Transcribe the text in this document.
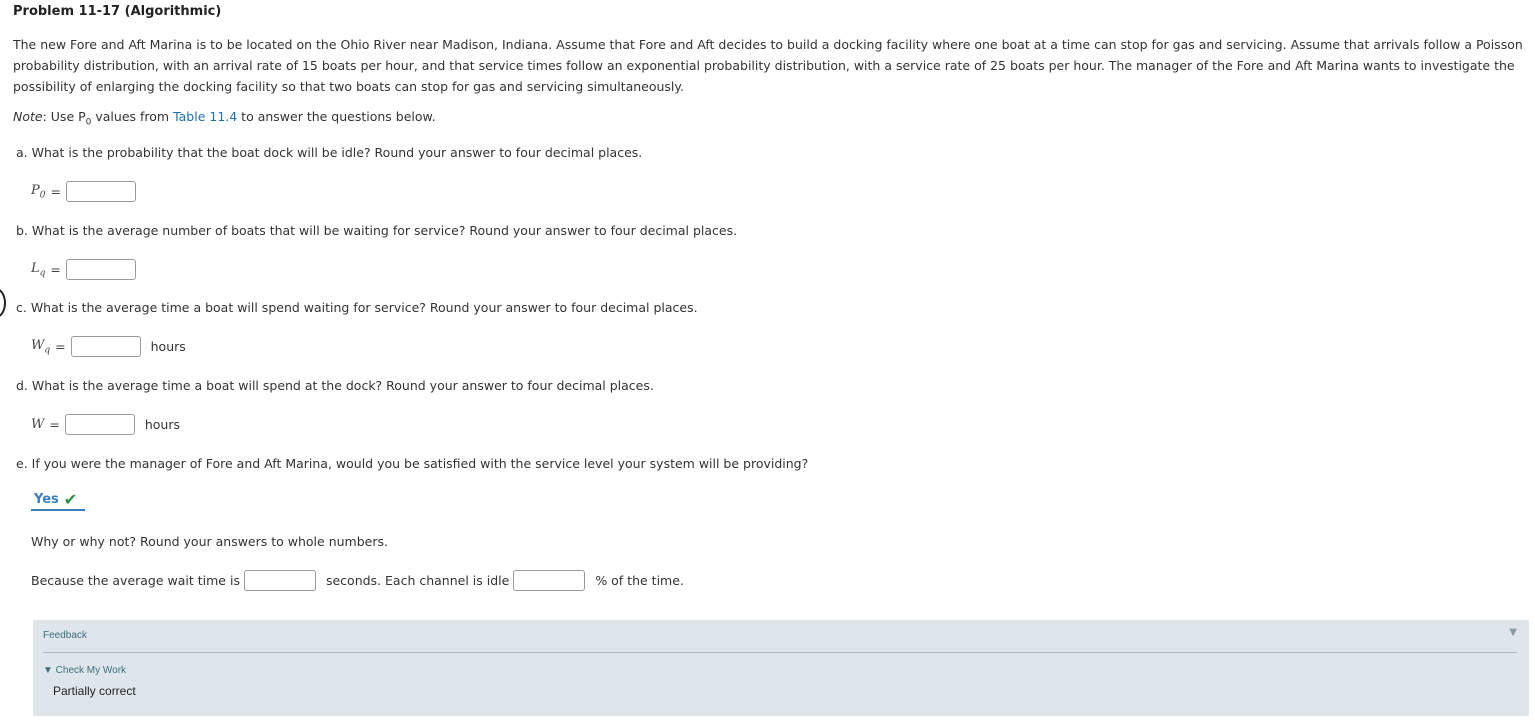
Problem 11-17 (Algorithmic)
The new Fore and Aft Marina is to be located on the Ohio River near Madison, Indiana. Assume that Fore and Aft decides to build a docking facility where one boat at a time can stop for gas and servicing. Assume that arrivals follow a Poisson probability distribution, with an arrival rate of 15 boats per hour, and that service times follow an exponential probability distribution, with a service rate of 25 boats per hour. The manager of the Fore and Aft Marina wants to investigate the possibility of enlarging the docking facility so that two boats can stop for gas and servicing simultaneously.
Note: Use $P_0$ values from Table 11.4 to answer the questions below.
a. What is the probability that the boat dock will be idle? Round your answer to four decimal places.
$P_0$ =
b. What is the average number of boats that will be waiting for service? Round your answer to four decimal places.
$L_q$ =
c. What is the average time a boat will spend waiting for service? Round your answer to four decimal places.
$W_q$ =	hours
d. What is the average time a boat will spend at the dock? Round your answer to four decimal places.
W =	hours
e. If you were the manager of Fore and Aft Marina, would you be satisfied with the service level your system will be providing?
Yes ✔
Why or why not? Round your answers to whole numbers.
Because the average wait time is	seconds. Each channel is idle	% of the time.
Feedback	▼
▼ Check My Work
Partially correct
